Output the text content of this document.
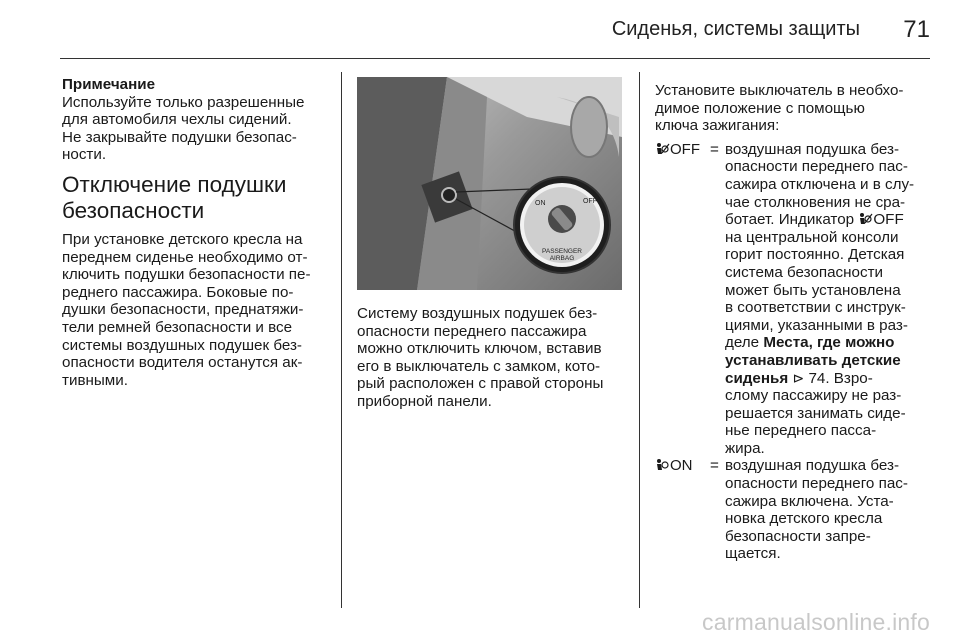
Сиденья, системы защиты 71
Примечание
Используйте только разрешенные
для автомобиля чехлы сидений.
Не закрывайте подушки безопас-
ности.
Отключение подушки
безопасности
При установке детского кресла на
переднем сиденье необходимо от-
ключить подушки безопасности пе-
реднего пассажира. Боковые по-
душки безопасности, преднатяжи-
тели ремней безопасности и все
системы воздушных подушек без-
опасности водителя останутся ак-
тивными.
ON	OFF
PASSENGER
AIRBAG
Систему воздушных подушек без-
опасности переднего пассажира
можно отключить ключом, вставив
его в выключатель с замком, кото-
рый расположен с правой стороны
приборной панели.
Установите выключатель в необхо-
димое положение с помощью
ключа зажигания:
OFF = воздушная подушка без-
опасности переднего пас-
сажира отключена и в слу-
чае столкновения не сра-
ботает. Индикатор OFF
на центральной консоли
горит постоянно. Детская
система безопасности
может быть установлена
в соответствии с инструк-
циями, указанными в раз-
деле Места, где можно
устанавливать детские
сиденья ⊳ 74. Взро-
слому пассажиру не раз-
решается занимать сиде-
нье переднего пасса-
жира.
ON = воздушная подушка без-
опасности переднего пас-
сажира включена. Уста-
новка детского кресла
безопасности запре-
щается.
carmanualsonline.info
